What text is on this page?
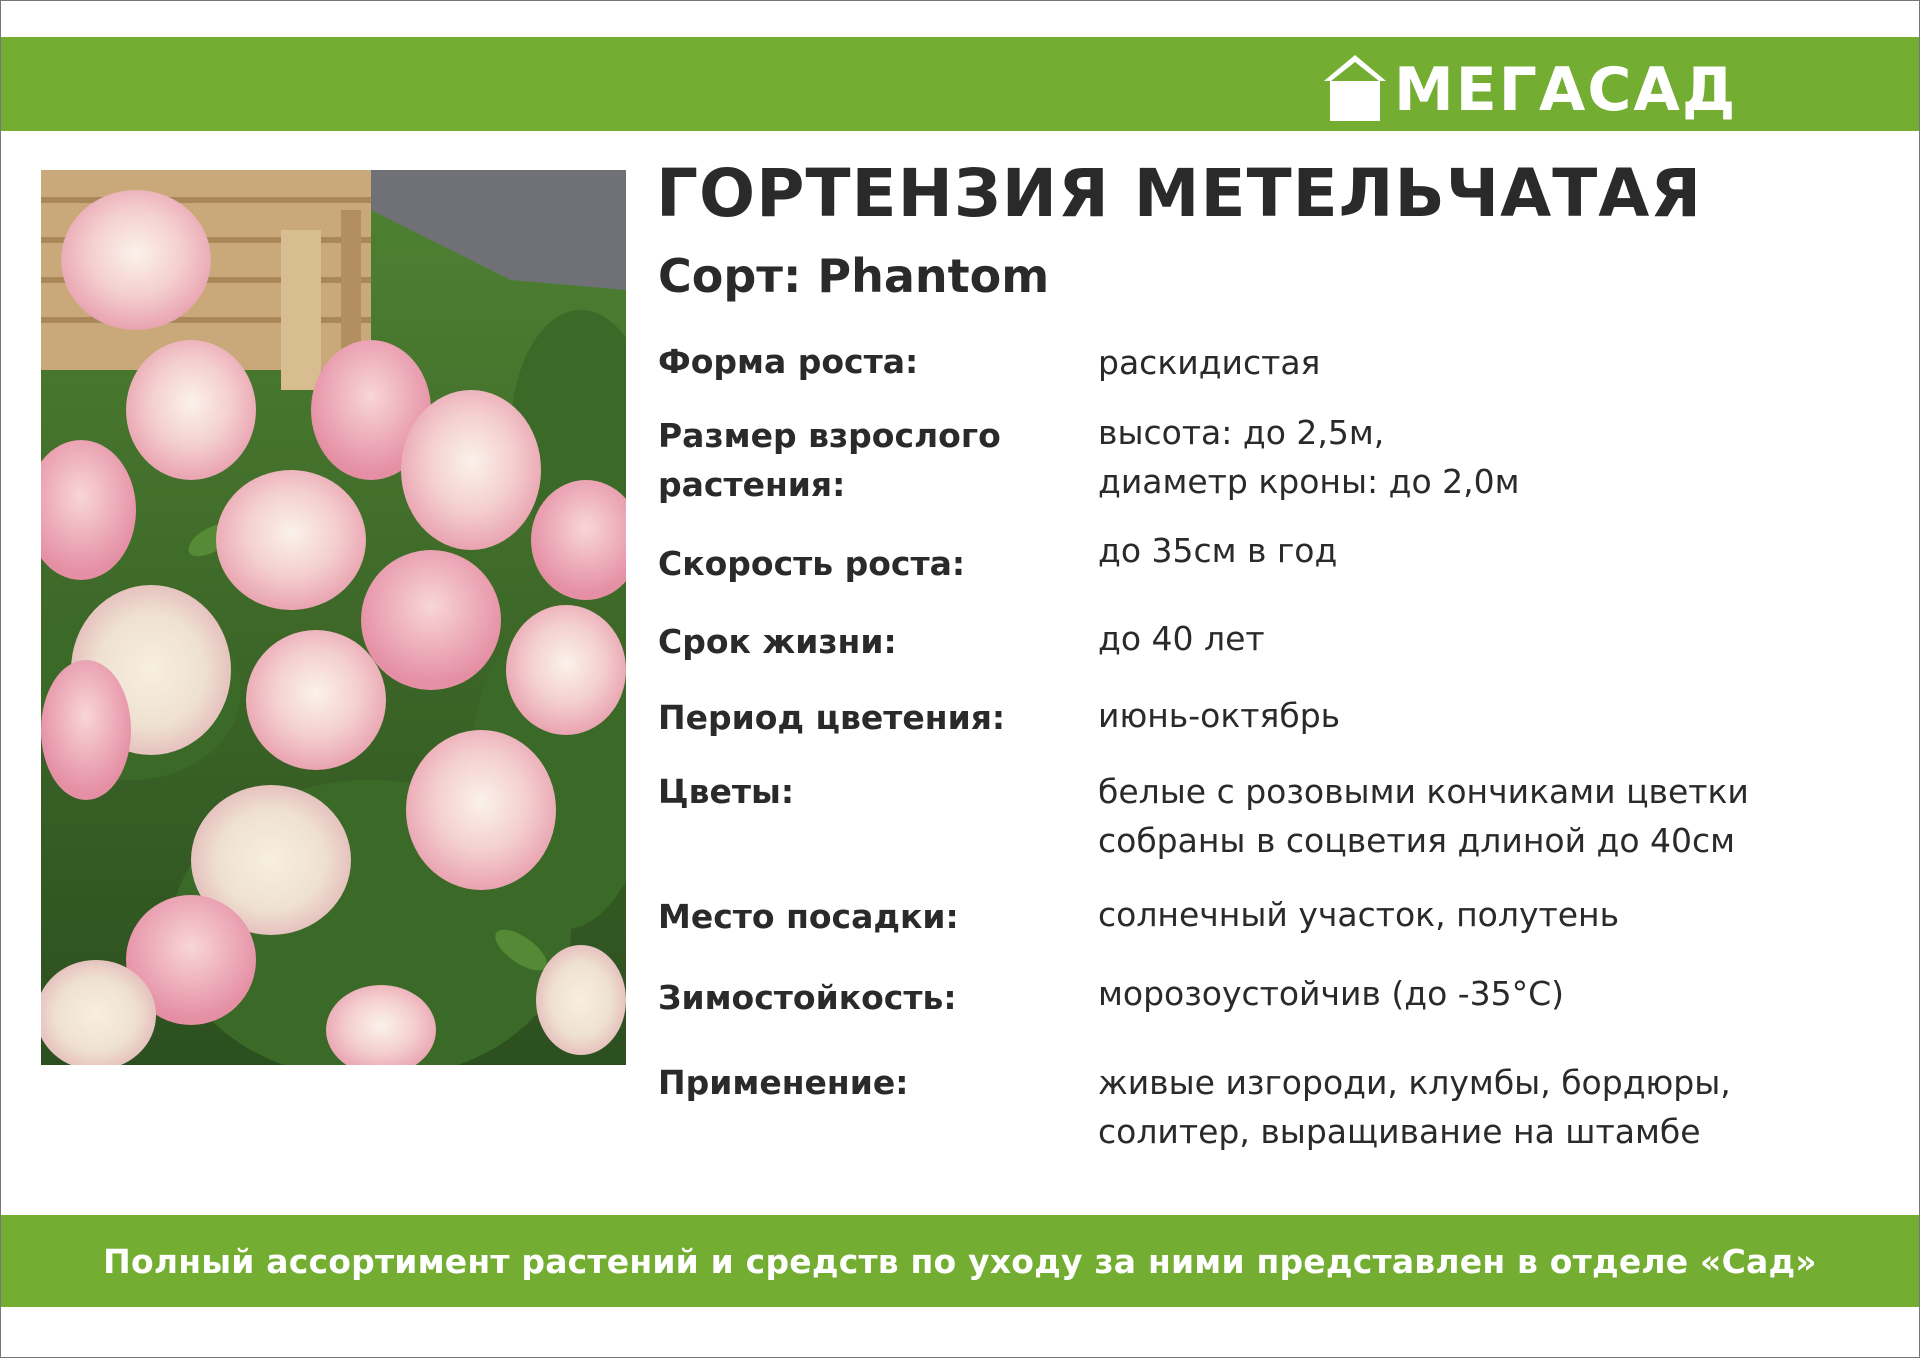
МЕГАСАД
ГОРТЕНЗИЯ МЕТЕЛЬЧАТАЯ
Сорт: Phantom
Форма роста:	раскидистая
Размер взрослого
растения:
высота: до 2,5м,
диаметр кроны: до 2,0м
Скорость роста:	до 35см в год
Срок жизни:	до 40 лет
Период цветения:	июнь-октябрь
Цветы:	белые с розовыми кончиками цветки
собраны в соцветия длиной до 40см
Место посадки:	солнечный участок, полутень
Зимостойкость:	морозоустойчив (до -35°С)
Применение:	живые изгороди, клумбы, бордюры,
солитер, выращивание на штамбе
Полный ассортимент растений и средств по уходу за ними представлен в отделе «Сад»
